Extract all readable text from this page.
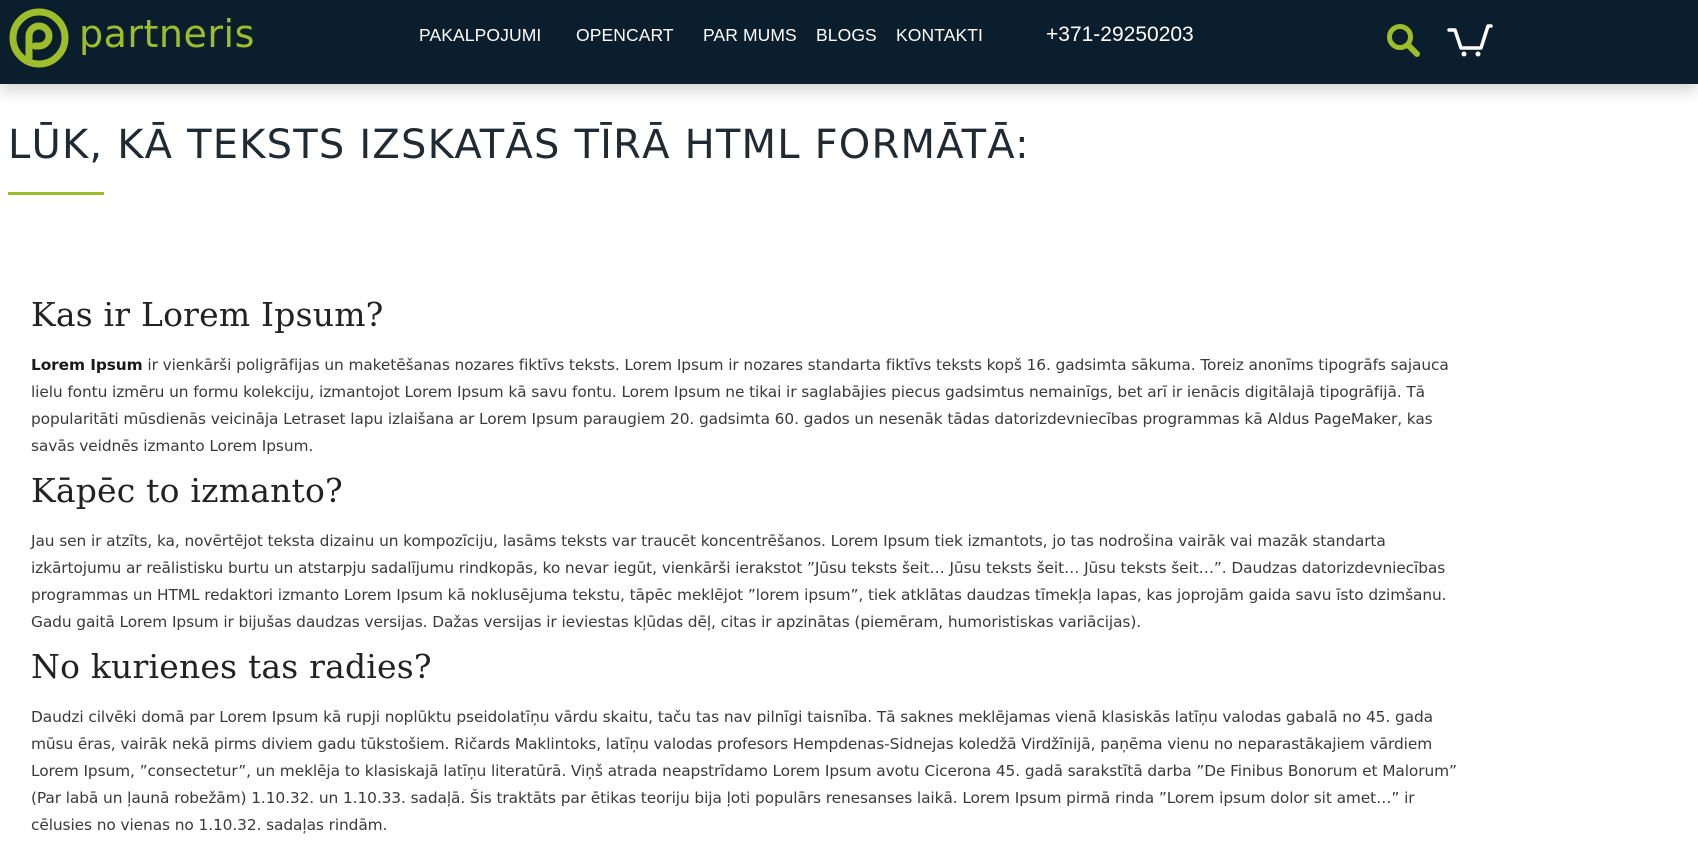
partneris	PAKALPOJUMI OPENCART PAR MUMS BLOGS KONTAKTI	+371-29250203
LŪK, KĀ TEKSTS IZSKATĀS TĪRĀ HTML FORMĀTĀ:
Kas ir Lorem Ipsum?

Lorem Ipsum ir vienkārši poligrāfijas un maketēšanas nozares fiktīvs teksts. Lorem Ipsum ir nozares standarta fiktīvs teksts kopš 16. gadsimta sākuma. Toreiz anonīms tipogrāfs sajauca lielu fontu izmēru un formu kolekciju, izmantojot Lorem Ipsum kā savu fontu. Lorem Ipsum ne tikai ir saglabājies piecus gadsimtus nemainīgs, bet arī ir ienācis digitālajā tipogrāfijā. Tā popularitāti mūsdienās veicināja Letraset lapu izlaišana ar Lorem Ipsum paraugiem 20. gadsimta 60. gados un nesenāk tādas datorizdevniecības programmas kā Aldus PageMaker, kas savās veidnēs izmanto Lorem Ipsum.

Kāpēc to izmanto?

Jau sen ir atzīts, ka, novērtējot teksta dizainu un kompozīciju, lasāms teksts var traucēt koncentrēšanos. Lorem Ipsum tiek izmantots, jo tas nodrošina vairāk vai mazāk standarta izkārtojumu ar reālistisku burtu un atstarpju sadalījumu rindkopās, ko nevar iegūt, vienkārši ierakstot ”Jūsu teksts šeit… Jūsu teksts šeit… Jūsu teksts šeit…”. Daudzas datorizdevniecības programmas un HTML redaktori izmanto Lorem Ipsum kā noklusējuma tekstu, tāpēc meklējot ”lorem ipsum”, tiek atklātas daudzas tīmekļa lapas, kas joprojām gaida savu īsto dzimšanu. Gadu gaitā Lorem Ipsum ir bijušas daudzas versijas. Dažas versijas ir ieviestas kļūdas dēļ, citas ir apzinātas (piemēram, humoristiskas variācijas).

No kurienes tas radies?

Daudzi cilvēki domā par Lorem Ipsum kā rupji noplūktu pseidolatīņu vārdu skaitu, taču tas nav pilnīgi taisnība. Tā saknes meklējamas vienā klasiskās latīņu valodas gabalā no 45. gada mūsu ēras, vairāk nekā pirms diviem gadu tūkstošiem. Ričards Maklintoks, latīņu valodas profesors Hempdenas-Sidnejas koledžā Virdžīnijā, paņēma vienu no neparastākajiem vārdiem Lorem Ipsum, ”consectetur”, un meklēja to klasiskajā latīņu literatūrā. Viņš atrada neapstrīdamo Lorem Ipsum avotu Cicerona 45. gadā sarakstītā darba ”De Finibus Bonorum et Malorum” (Par labā un ļaunā robežām) 1.10.32. un 1.10.33. sadaļā. Šis traktāts par ētikas teoriju bija ļoti populārs renesanses laikā. Lorem Ipsum pirmā rinda ”Lorem ipsum dolor sit amet…” ir cēlusies no vienas no 1.10.32. sadaļas rindām.
